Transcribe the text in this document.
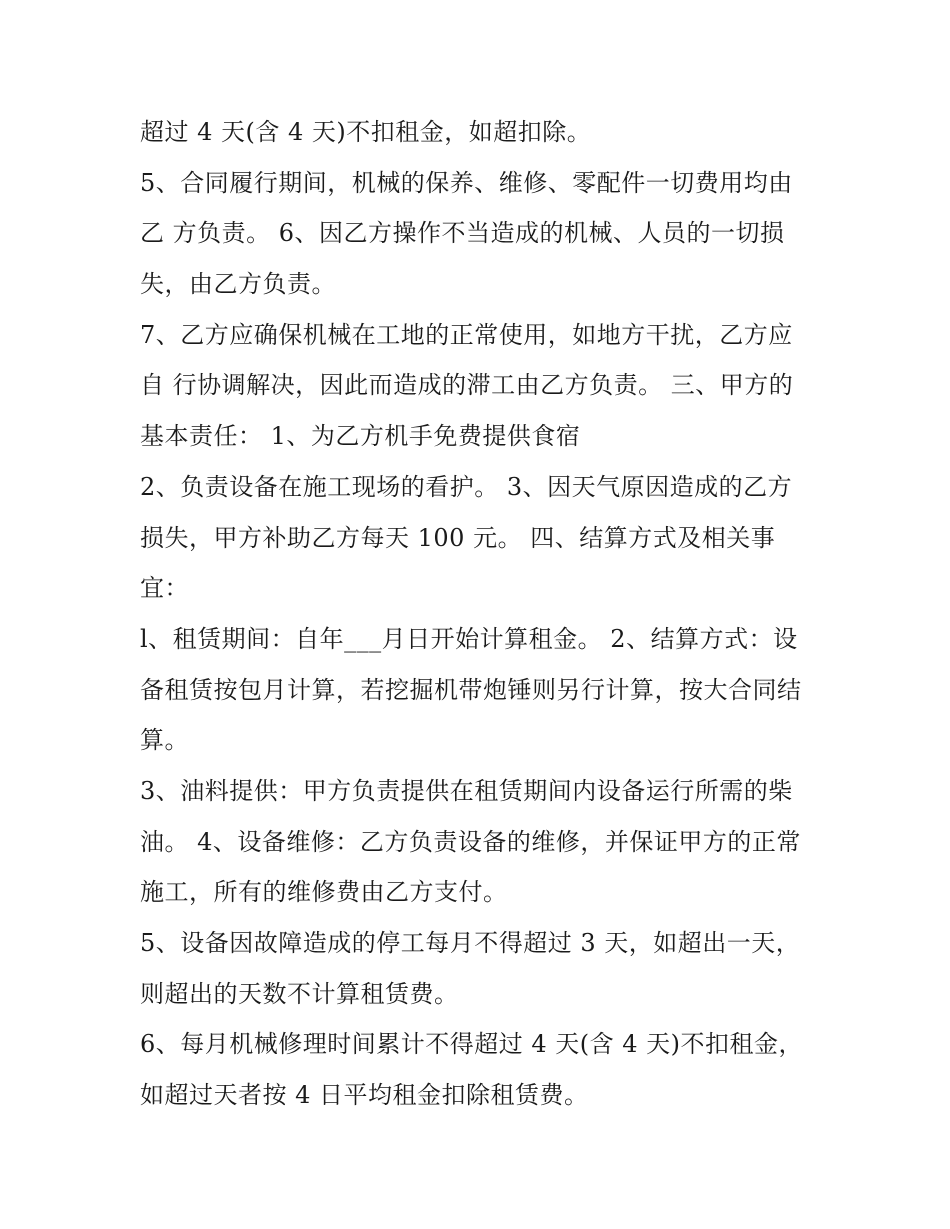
超过 4 天(含 4 天)不扣租金，如超扣除。
5、合同履行期间，机械的保养、维修、零配件一切费用均由
乙 方负责。 6、因乙方操作不当造成的机械、人员的一切损
失，由乙方负责。
7、乙方应确保机械在工地的正常使用，如地方干扰，乙方应
自 行协调解决，因此而造成的滞工由乙方负责。 三、甲方的
基本责任： 1、为乙方机手免费提供食宿
2、负责设备在施工现场的看护。 3、因天气原因造成的乙方
损失，甲方补助乙方每天 100 元。 四、结算方式及相关事
宜：
l、租赁期间：自年___月日开始计算租金。 2、结算方式：设
备租赁按包月计算，若挖掘机带炮锤则另行计算，按大合同结
算。
3、油料提供：甲方负责提供在租赁期间内设备运行所需的柴
油。 4、设备维修：乙方负责设备的维修，并保证甲方的正常
施工，所有的维修费由乙方支付。
5、设备因故障造成的停工每月不得超过 3 天，如超出一天，
则超出的天数不计算租赁费。
6、每月机械修理时间累计不得超过 4 天(含 4 天)不扣租金，
如超过天者按 4 日平均租金扣除租赁费。
